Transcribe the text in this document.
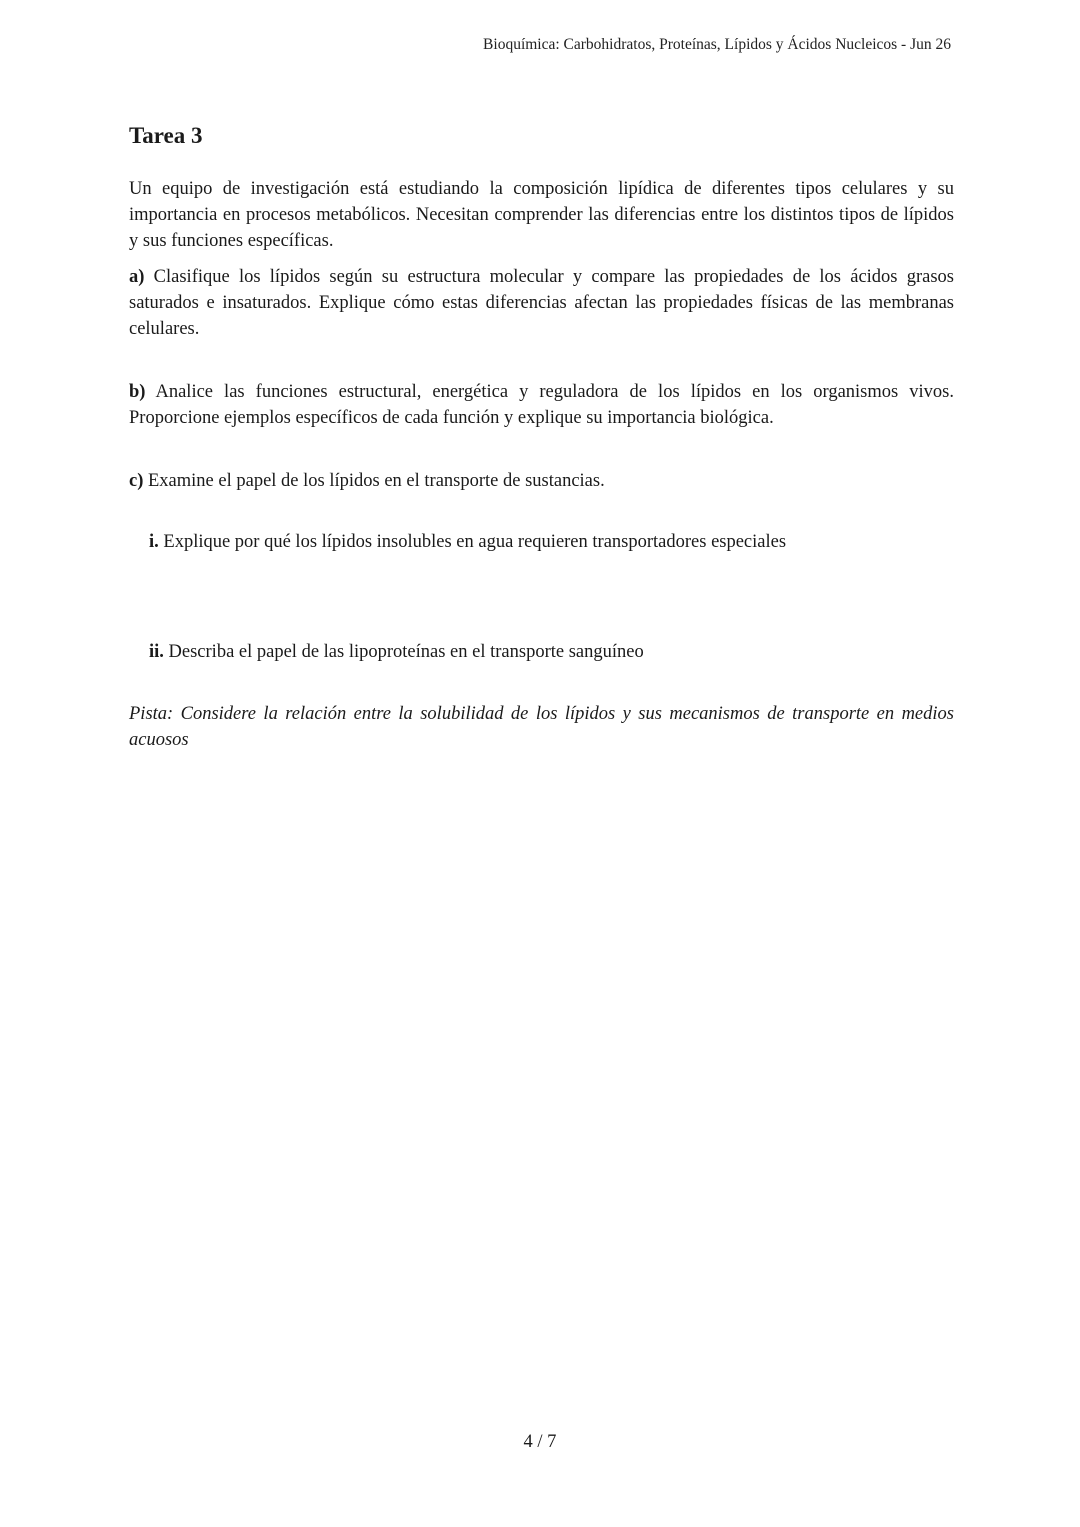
Bioquímica: Carbohidratos, Proteínas, Lípidos y Ácidos Nucleicos - Jun 26
Tarea 3

Un equipo de investigación está estudiando la composición lipídica de diferentes tipos celulares y su importancia en procesos metabólicos. Necesitan comprender las diferencias entre los distintos tipos de lípidos y sus funciones específicas.

a) Clasifique los lípidos según su estructura molecular y compare las propiedades de los ácidos grasos saturados e insaturados. Explique cómo estas diferencias afectan las propiedades físicas de las membranas celulares.

b) Analice las funciones estructural, energética y reguladora de los lípidos en los organismos vivos. Proporcione ejemplos específicos de cada función y explique su importancia biológica.

c) Examine el papel de los lípidos en el transporte de sustancias.

i. Explique por qué los lípidos insolubles en agua requieren transportadores especiales

ii. Describa el papel de las lipoproteínas en el transporte sanguíneo

Pista: Considere la relación entre la solubilidad de los lípidos y sus mecanismos de transporte en medios acuosos

4 / 7
